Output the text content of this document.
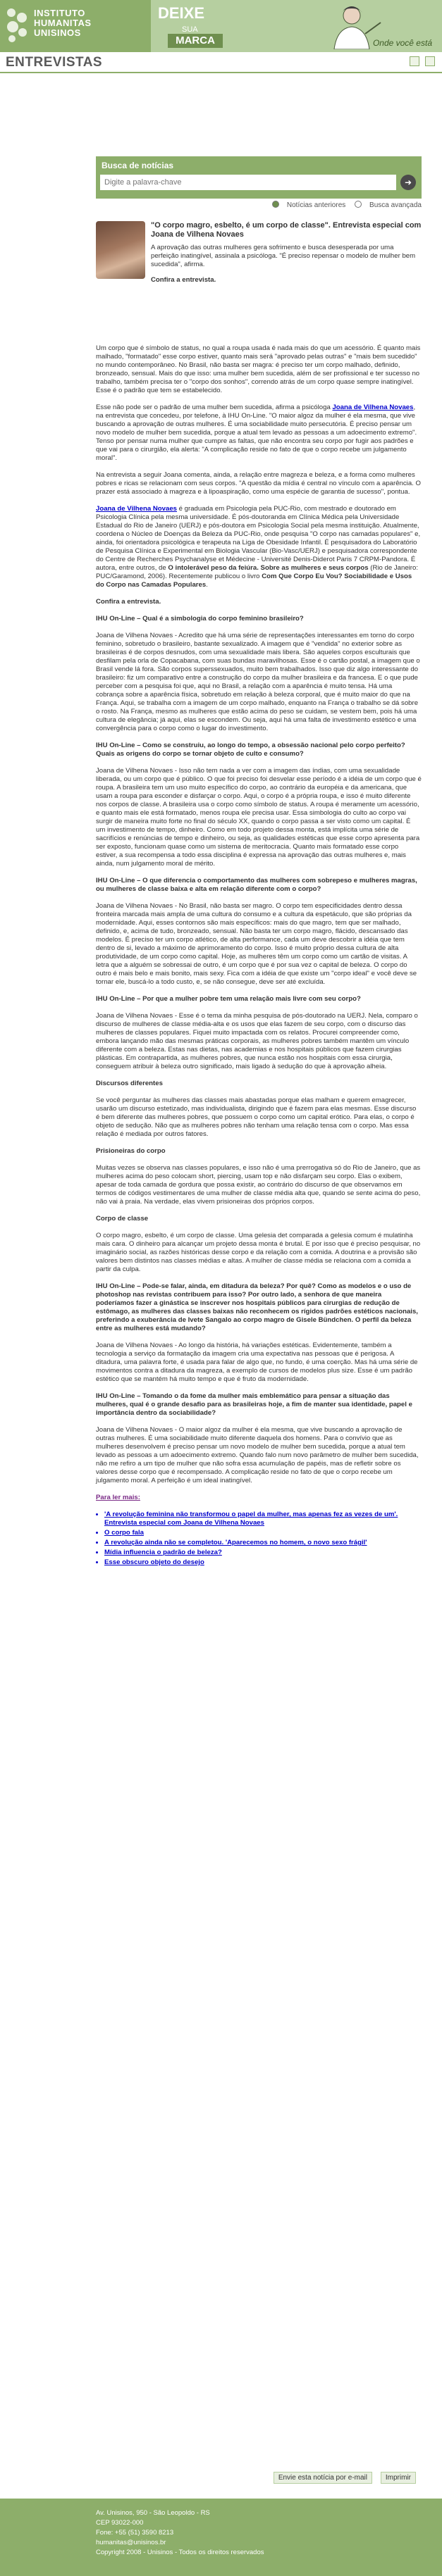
INSTITUTO
HUMANITAS
UNISINOS
DEIXE
SUA
MARCA	Onde você está
ENTREVISTAS

Busca de notícias
Digite a palavra-chave
➜
Notícias anteriores	Busca avançada

"O corpo magro, esbelto, é um corpo de classe". Entrevista especial com Joana de Vilhena Novaes

A aprovação das outras mulheres gera sofrimento e busca desesperada por uma perfeição inatingível, assinala a psicóloga. "É preciso repensar o modelo de mulher bem sucedida", afirma.

Confira a entrevista.

Um corpo que é símbolo de status, no qual a roupa usada é nada mais do que um acessório. É quanto mais malhado, "formatado" esse corpo estiver, quanto mais será "aprovado pelas outras" e "mais bem sucedido" no mundo contemporâneo. No Brasil, não basta ser magra: é preciso ter um corpo malhado, definido, bronzeado, sensual. Mais do que isso: uma mulher bem sucedida, além de ser profissional e ter sucesso no trabalho, também precisa ter o "corpo dos sonhos", correndo atrás de um corpo quase sempre inatingível. Esse é o padrão que tem se estabelecido.

Esse não pode ser o padrão de uma mulher bem sucedida, afirma a psicóloga Joana de Vilhena Novaes, na entrevista que concedeu, por telefone, à IHU On-Line. "O maior algoz da mulher é ela mesma, que vive buscando a aprovação de outras mulheres. É uma sociabilidade muito persecutória. É preciso pensar um novo modelo de mulher bem sucedida, porque a atual tem levado as pessoas a um adoecimento extremo". Tenso por pensar numa mulher que cumpre as faltas, que não encontra seu corpo por fugir aos padrões e que vai para o cirurgião, ela alerta: "A complicação reside no fato de que o corpo recebe um julgamento moral".

Na entrevista a seguir Joana comenta, ainda, a relação entre magreza e beleza, e a forma como mulheres pobres e ricas se relacionam com seus corpos. "A questão da mídia é central no vínculo com a aparência. O prazer está associado à magreza e à lipoaspiração, como uma espécie de garantia de sucesso", pontua.

Joana de Vilhena Novaes é graduada em Psicologia pela PUC-Rio, com mestrado e doutorado em Psicologia Clínica pela mesma universidade. É pós-doutoranda em Clínica Médica pela Universidade Estadual do Rio de Janeiro (UERJ) e pós-doutora em Psicologia Social pela mesma instituição. Atualmente, coordena o Núcleo de Doenças da Beleza da PUC-Rio, onde pesquisa "O corpo nas camadas populares" e, ainda, foi orientadora psicológica e terapeuta na Liga de Obesidade Infantil. É pesquisadora do Laboratório de Pesquisa Clínica e Experimental em Biologia Vascular (Bio-Vasc/UERJ) e pesquisadora correspondente do Centre de Recherches Psychanalyse et Médecine - Université Denis-Diderot Paris 7 CRPM-Pandora. É autora, entre outros, de O intolerável peso da feiúra. Sobre as mulheres e seus corpos (Rio de Janeiro: PUC/Garamond, 2006). Recentemente publicou o livro Com Que Corpo Eu Vou? Sociabilidade e Usos do Corpo nas Camadas Populares.

Confira a entrevista.

IHU On-Line – Qual é a simbologia do corpo feminino brasileiro?

Joana de Vilhena Novaes - Acredito que há uma série de representações interessantes em torno do corpo feminino, sobretudo o brasileiro, bastante sexualizado. A imagem que é "vendida" no exterior sobre as brasileiras é de corpos desnudos, com uma sexualidade mais libera. São aqueles corpos esculturais que desfilam pela orla de Copacabana, com suas bundas maravilhosas. Esse é o cartão postal, a imagem que o Brasil vende lá fora. São corpos superssexuados, muito bem trabalhados. Isso que diz algo interessante do brasileiro: fiz um comparativo entre a construção do corpo da mulher brasileira e da francesa. E o que pude perceber com a pesquisa foi que, aqui no Brasil, a relação com a aparência é muito tensa. Há uma cobrança sobre a aparência física, sobretudo em relação à beleza corporal, que é muito maior do que na França. Aqui, se trabalha com a imagem de um corpo malhado, enquanto na França o trabalho se dá sobre o rosto. Na França, mesmo as mulheres que estão acima do peso se cuidam, se vestem bem, pois há uma cultura de elegância; já aqui, elas se escondem. Ou seja, aqui há uma falta de investimento estético e uma convergência para o corpo como o lugar do investimento.

IHU On-Line – Como se construiu, ao longo do tempo, a obsessão nacional pelo corpo perfeito? Quais as origens do corpo se tornar objeto de culto e consumo?

Joana de Vilhena Novaes - Isso não tem nada a ver com a imagem das índias, com uma sexualidade liberada, ou um corpo que é público. O que foi preciso foi desvelar esse período é a idéia de um corpo que é roupa. A brasileira tem um uso muito específico do corpo, ao contrário da européia e da americana, que usam a roupa para esconder e disfarçar o corpo. Aqui, o corpo é a própria roupa, e isso é muito diferente nos corpos de classe. A brasileira usa o corpo como símbolo de status. A roupa é meramente um acessório, e quanto mais ele está formatado, menos roupa ele precisa usar. Essa simbologia do culto ao corpo vai surgir de maneira muito forte no final do século XX, quando o corpo passa a ser visto como um capital. É um investimento de tempo, dinheiro. Como em todo projeto dessa monta, está implícita uma série de sacrifícios e renúncias de tempo e dinheiro, ou seja, as qualidades estéticas que esse corpo apresenta para ser exposto, funcionam quase como um sistema de meritocracia. Quanto mais formatado esse corpo estiver, a sua recompensa a todo essa disciplina é expressa na aprovação das outras mulheres e, mais ainda, num julgamento moral de mérito.

IHU On-Line – O que diferencia o comportamento das mulheres com sobrepeso e mulheres magras, ou mulheres de classe baixa e alta em relação diferente com o corpo?

Joana de Vilhena Novaes - No Brasil, não basta ser magro. O corpo tem especificidades dentro dessa fronteira marcada mais ampla de uma cultura do consumo e a cultura da espetáculo, que são próprias da modernidade. Aqui, esses contornos são mais específicos: mais do que magro, tem que ser malhado, definido, e, acima de tudo, bronzeado, sensual. Não basta ter um corpo magro, flácido, descansado das modelos. É preciso ter um corpo atlético, de alta performance, cada um deve descobrir a idéia que tem dentro de si, levado a máximo de aprimoramento do corpo. Isso é muito próprio dessa cultura de alta produtividade, de um corpo como capital. Hoje, as mulheres têm um corpo como um cartão de visitas. A letra que a alguém se sobressai de outro, é um corpo que é por sua vez o capital de beleza. O corpo do outro é mais belo e mais bonito, mais sexy. Fica com a idéia de que existe um "corpo ideal" e você deve se tornar ele, buscá-lo a todo custo, e, se não consegue, deve ser até excluída.

IHU On-Line – Por que a mulher pobre tem uma relação mais livre com seu corpo?

Joana de Vilhena Novaes - Esse é o tema da minha pesquisa de pós-doutorado na UERJ. Nela, comparo o discurso de mulheres de classe média-alta e os usos que elas fazem de seu corpo, com o discurso das mulheres de classes populares. Fiquei muito impactada com os relatos. Procurei compreender como, embora lançando mão das mesmas práticas corporais, as mulheres pobres também mantêm um vínculo diferente com a beleza. Estas nas dietas, nas academias e nos hospitais públicos que fazem cirurgias plásticas. Em contrapartida, as mulheres pobres, que nunca estão nos hospitais com essa cirurgia, conseguem atribuir à beleza outro significado, mais ligado à sedução do que à aprovação alheia.

Discursos diferentes

Se você perguntar às mulheres das classes mais abastadas porque elas malham e querem emagrecer, usarão um discurso estetizado, mas individualista, dirigindo que é fazem para elas mesmas. Esse discurso é bem diferente das mulheres pobres, que possuem o corpo como um capital erótico. Para elas, o corpo é objeto de sedução. Não que as mulheres pobres não tenham uma relação tensa com o corpo. Mas essa relação é mediada por outros fatores.

Prisioneiras do corpo

Muitas vezes se observa nas classes populares, e isso não é uma prerrogativa só do Rio de Janeiro, que as mulheres acima do peso colocam short, piercing, usam top e não disfarçam seu corpo. Elas o exibem, apesar de toda camada de gordura que possa existir, ao contrário do discurso de que observamos em termos de códigos vestimentares de uma mulher de classe média alta que, quando se sente acima do peso, não vai à praia. Na verdade, elas vivem prisioneiras dos próprios corpos.

Corpo de classe

O corpo magro, esbelto, é um corpo de classe. Uma gelesia det comparada a gelesia comum é mulatinha mais cara. O dinheiro para alcançar um projeto dessa monta é brutal. E por isso que é preciso pesquisar, no imaginário social, as razões históricas desse corpo e da relação com a comida. A doutrina e a provisão são valores bem distintos nas classes médias e altas. A mulher de classe média se relaciona com a comida a partir da culpa.

IHU On-Line – Pode-se falar, ainda, em ditadura da beleza? Por quê? Como as modelos e o uso de photoshop nas revistas contribuem para isso? Por outro lado, a senhora de que maneira poderíamos fazer a ginástica se inscrever nos hospitais públicos para cirurgias de redução de estômago, as mulheres das classes baixas não reconhecem os rígidos padrões estéticos nacionais, preferindo a exuberância de Ivete Sangalo ao corpo magro de Gisele Bündchen. O perfil da beleza entre as mulheres está mudando?

Joana de Vilhena Novaes - Ao longo da história, há variações estéticas. Evidentemente, também a tecnologia a serviço da formatação da imagem cria uma expectativa nas pessoas que é perigosa. A ditadura, uma palavra forte, é usada para falar de algo que, no fundo, é uma coerção. Mas há uma série de movimentos contra a ditadura da magreza, a exemplo de cursos de modelos plus size. Esse é um padrão estético que se mantém há muito tempo e que é fruto da modernidade.

IHU On-Line – Tomando o da fome da mulher mais emblemático para pensar a situação das mulheres, qual é o grande desafio para as brasileiras hoje, a fim de manter sua identidade, papel e importância dentro da sociabilidade?

Joana de Vilhena Novaes - O maior algoz da mulher é ela mesma, que vive buscando a aprovação de outras mulheres. É uma sociabilidade muito diferente daquela dos homens. Para o convívio que as mulheres desenvolvem é preciso pensar um novo modelo de mulher bem sucedida, porque a atual tem levado as pessoas a um adoecimento extremo. Quando falo num novo parâmetro de mulher bem sucedida, não me refiro a um tipo de mulher que não sofra essa acumulação de papéis, mas de refletir sobre os valores desse corpo que é recompensado. A complicação reside no fato de que o corpo recebe um julgamento moral. A perfeição é um ideal inatingível.

Para ler mais:

• 'A revolução feminina não transformou o papel da mulher, mas apenas fez as vezes de um'. Entrevista especial com Joana de Vilhena Novaes
• O corpo fala
• A revolução ainda não se completou. 'Aparecemos no homem, o novo sexo frágil'
• Mídia influencia o padrão de beleza?
• Esse obscuro objeto do desejo
Envie esta notícia por e-mail	Imprimir
Av. Unisinos, 950 - São Leopoldo - RS
CEP 93022-000
Fone: +55 (51) 3590 8213
humanitas@unisinos.br
Copyright 2008 - Unisinos - Todos os direitos reservados
